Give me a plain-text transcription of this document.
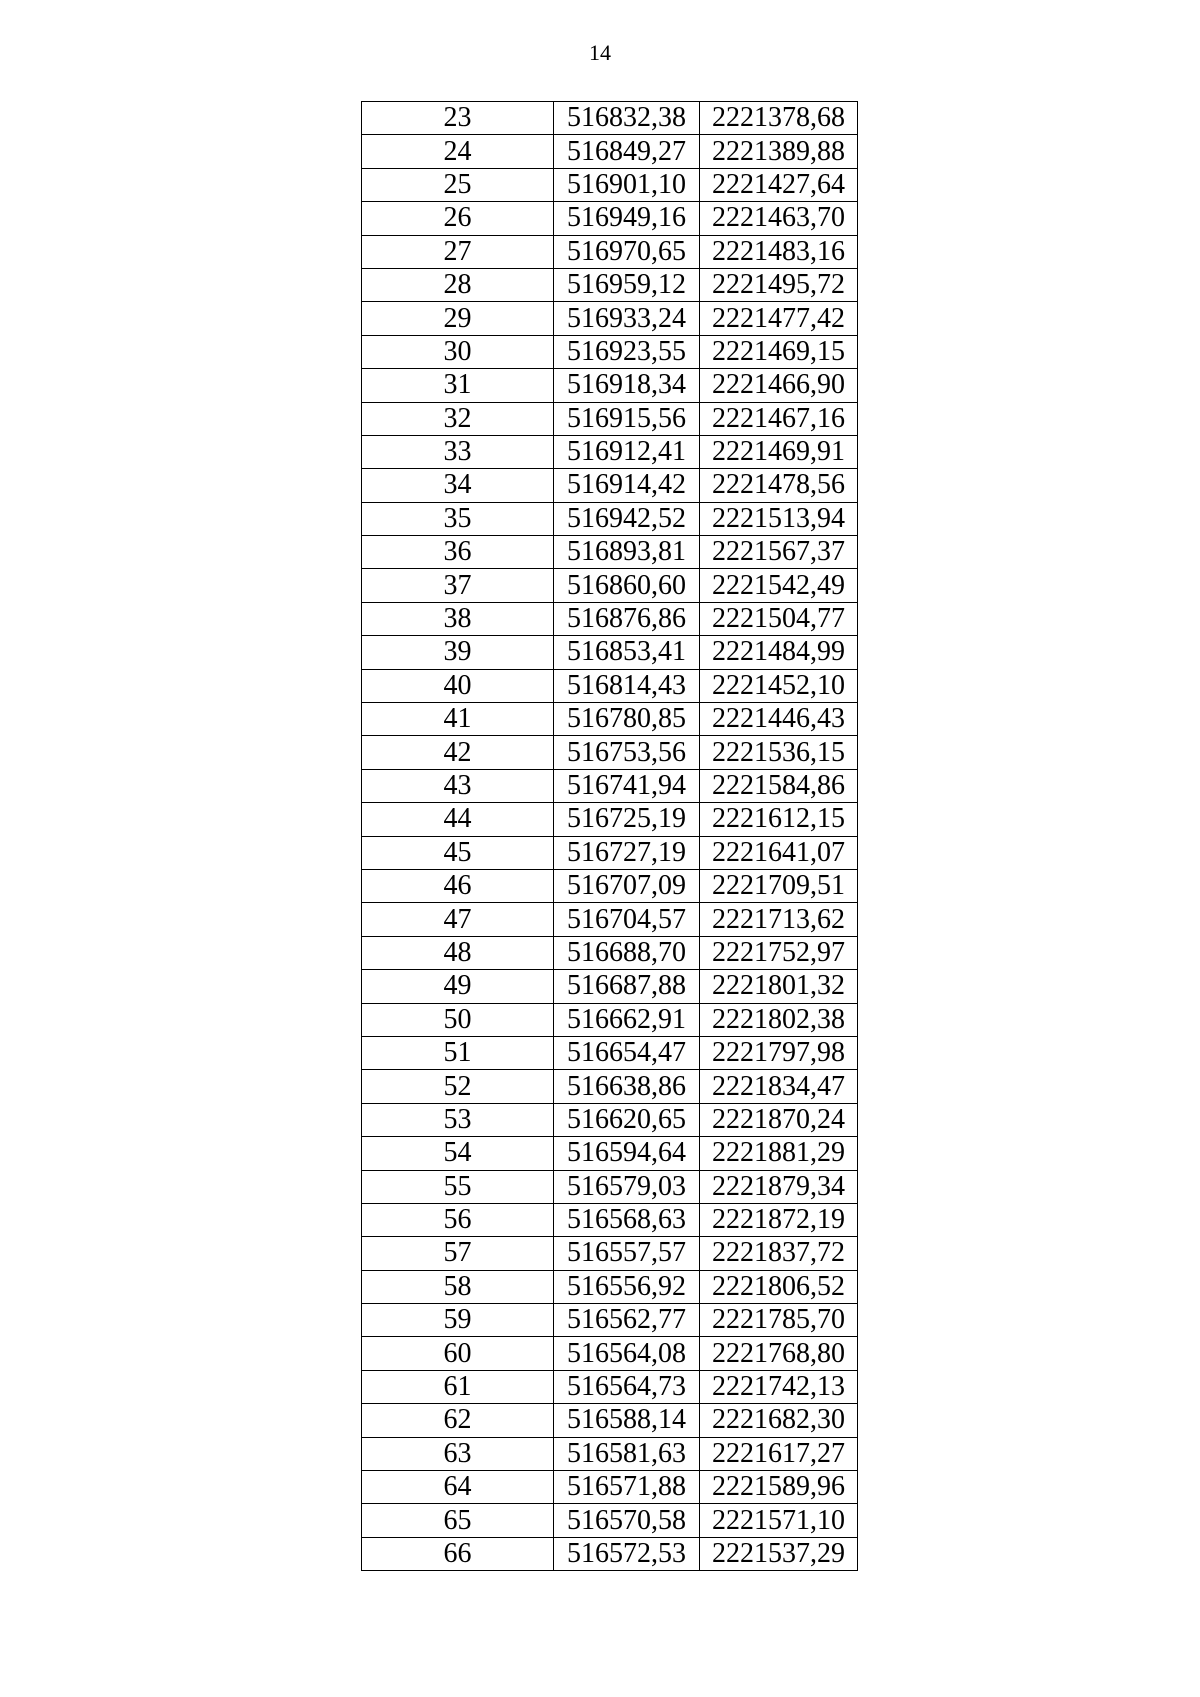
14
23	516832,38	2221378,68
24	516849,27	2221389,88
25	516901,10	2221427,64
26	516949,16	2221463,70
27	516970,65	2221483,16
28	516959,12	2221495,72
29	516933,24	2221477,42
30	516923,55	2221469,15
31	516918,34	2221466,90
32	516915,56	2221467,16
33	516912,41	2221469,91
34	516914,42	2221478,56
35	516942,52	2221513,94
36	516893,81	2221567,37
37	516860,60	2221542,49
38	516876,86	2221504,77
39	516853,41	2221484,99
40	516814,43	2221452,10
41	516780,85	2221446,43
42	516753,56	2221536,15
43	516741,94	2221584,86
44	516725,19	2221612,15
45	516727,19	2221641,07
46	516707,09	2221709,51
47	516704,57	2221713,62
48	516688,70	2221752,97
49	516687,88	2221801,32
50	516662,91	2221802,38
51	516654,47	2221797,98
52	516638,86	2221834,47
53	516620,65	2221870,24
54	516594,64	2221881,29
55	516579,03	2221879,34
56	516568,63	2221872,19
57	516557,57	2221837,72
58	516556,92	2221806,52
59	516562,77	2221785,70
60	516564,08	2221768,80
61	516564,73	2221742,13
62	516588,14	2221682,30
63	516581,63	2221617,27
64	516571,88	2221589,96
65	516570,58	2221571,10
66	516572,53	2221537,29
